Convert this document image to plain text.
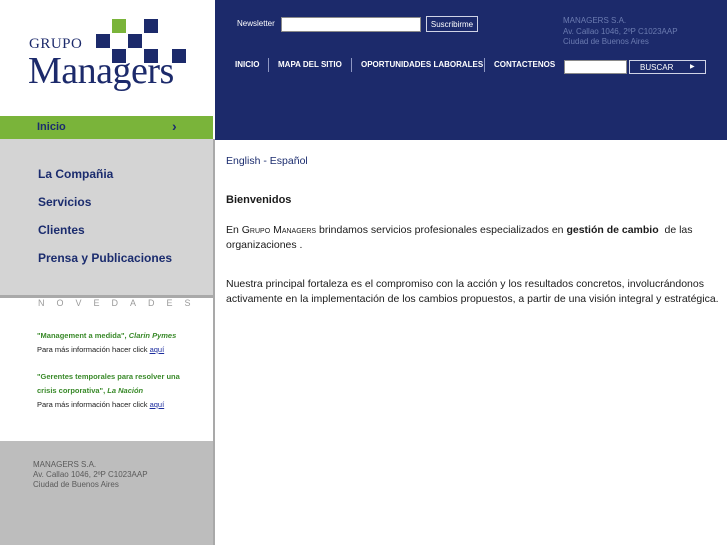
GRUPO
Managers
Inicio	›
La Compañia
Servicios
Clientes
Prensa y Publicaciones
NOVEDADES
"Management a medida", Clarin Pymes
Para más información hacer click aquí
"Gerentes temporales para resolver una
crisis corporativa", La Nación
Para más información hacer click aquí
MANAGERS S.A.
Av. Callao 1046, 2ºP C1023AAP
Ciudad de Buenos Aires
Newsletter	Suscribirme	MANAGERS S.A.
Av. Callao 1046, 2ºP C1023AAP
Ciudad de Buenos Aires
INICIO MAPA DEL SITIO OPORTUNIDADES LABORALES CONTACTENOS	BUSCAR	▶
English - Español
Bienvenidos
En Grupo Managers brindamos servicios profesionales especializados en gestión de cambio  de las organizaciones .
Nuestra principal fortaleza es el compromiso con la acción y los resultados concretos, involucrándonos activamente en la implementación de los cambios propuestos, a partir de una visión integral y estratégica.
